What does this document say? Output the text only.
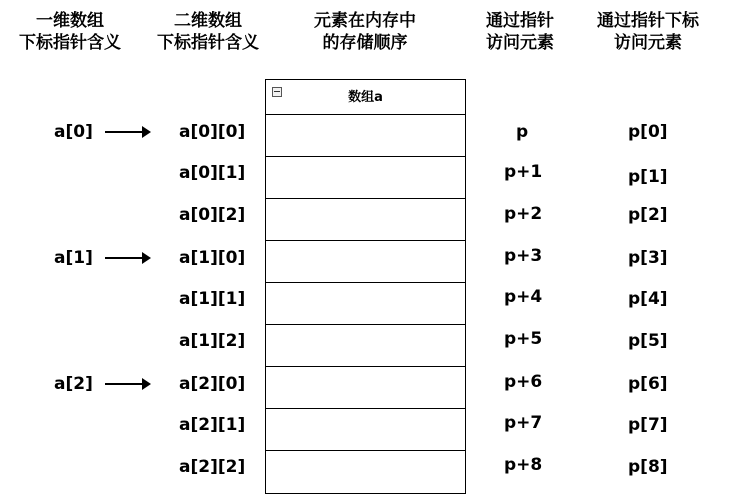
一维数组
下标指针含义
二维数组
下标指针含义
元素在内存中
的存储顺序
通过指针
访问元素
通过指针下标
访问元素
a[0]
a[1]
a[2]
a[0][0]
a[0][1]
a[0][2]
a[1][0]
a[1][1]
a[1][2]
a[2][0]
a[2][1]
a[2][2]
数组a
p
p+1
p+2
p+3
p+4
p+5
p+6
p+7
p+8
p[0]
p[1]
p[2]
p[3]
p[4]
p[5]
p[6]
p[7]
p[8]
